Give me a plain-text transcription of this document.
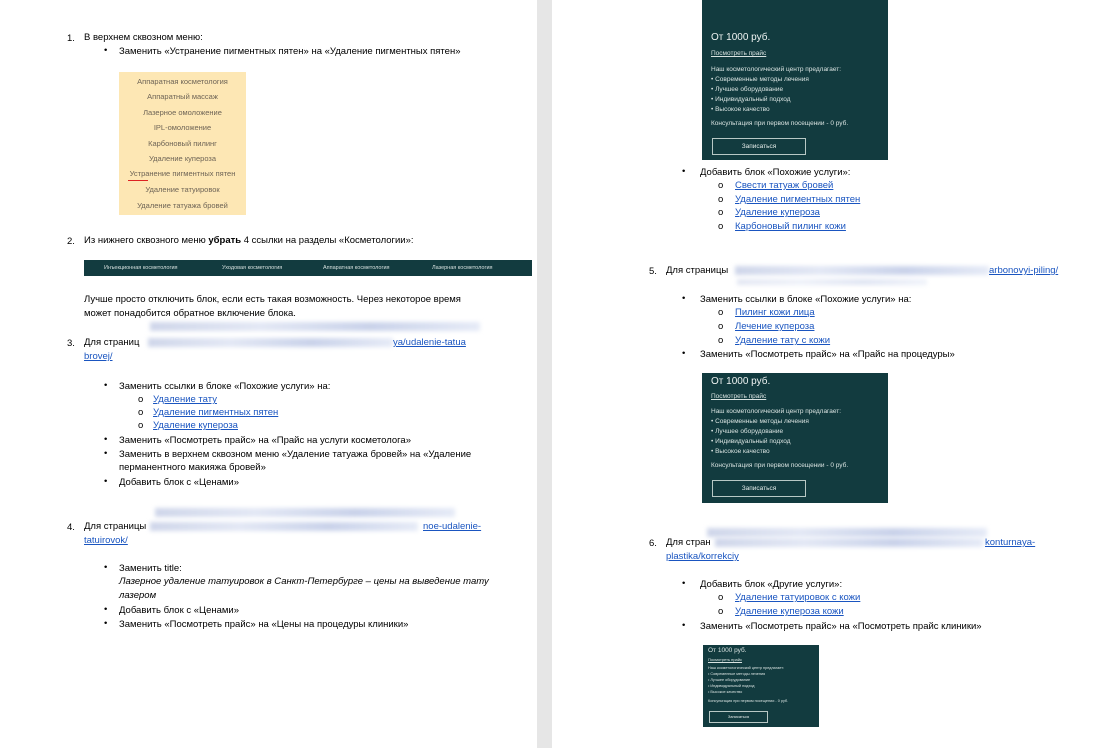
1. В верхнем сквозном меню:
• Заменить «Устранение пигментных пятен» на «Удаление пигментных пятен»
Аппаратная косметология
Аппаратный массаж
Лазерное омоложение
IPL-омоложение
Карбоновый пилинг
Удаление купероза
Устранение пигментных пятен
Удаление татуировок
Удаление татуажа бровей
2. Из нижнего сквозного меню убрать 4 ссылки на разделы «Косметологии»:
Инъекционная косметология	Уходовая косметология	Аппаратная косметология	Лазерная косметология
Лучше просто отключить блок, если есть такая возможность. Через некоторое время
может понадобится обратное включение блока.
3. Для страниц	ya/udalenie-tatua
brovej/
• Заменить ссылки в блоке «Похожие услуги» на:
o Удаление тату
o Удаление пигментных пятен
o Удаление купероза
• Заменить «Посмотреть прайс» на «Прайс на услуги косметолога»
• Заменить в верхнем сквозном меню «Удаление татуажа бровей» на «Удаление
перманентного макияжа бровей»
• Добавить блок с «Ценами»
4. Для страницы	noe-udalenie-
tatuirovok/
• Заменить title:
Лазерное удаление татуировок в Санкт-Петербурге – цены на выведение тату
лазером
• Добавить блок с «Ценами»
• Заменить «Посмотреть прайс» на «Цены на процедуры клиники»
От 1000 руб.
Посмотреть прайс
Наш косметологический центр предлагает:
• Современные методы лечения
• Лучшее оборудование
• Индивидуальный подход
• Высокое качество
Консультация при первом посещении - 0 руб.
Записаться
• Добавить блок «Похожие услуги»:
o Свести татуаж бровей
o Удаление пигментных пятен
o Удаление купероза
o Карбоновый пилинг кожи
5. Для страницы	arbonovyi-piling/
• Заменить ссылки в блоке «Похожие услуги» на:
o Пилинг кожи лица
o Лечение купероза
o Удаление тату с кожи
• Заменить «Посмотреть прайс» на «Прайс на процедуры»
От 1000 руб.
Посмотреть прайс
Наш косметологический центр предлагает:
• Современные методы лечения
• Лучшее оборудование
• Индивидуальный подход
• Высокое качество
Консультация при первом посещении - 0 руб.
Записаться
6. Для стран	konturnaya-
plastika/korrekciy
• Добавить блок «Другие услуги»:
o Удаление татуировок с кожи
o Удаление купероза кожи
• Заменить «Посмотреть прайс» на «Посмотреть прайс клиники»
От 1000 руб.
Посмотреть прайс
Наш косметологический центр предлагает:
• Современные методы лечения
• Лучшее оборудование
• Индивидуальный подход
• Высокое качество
Консультация при первом посещении - 0 руб.
Записаться
